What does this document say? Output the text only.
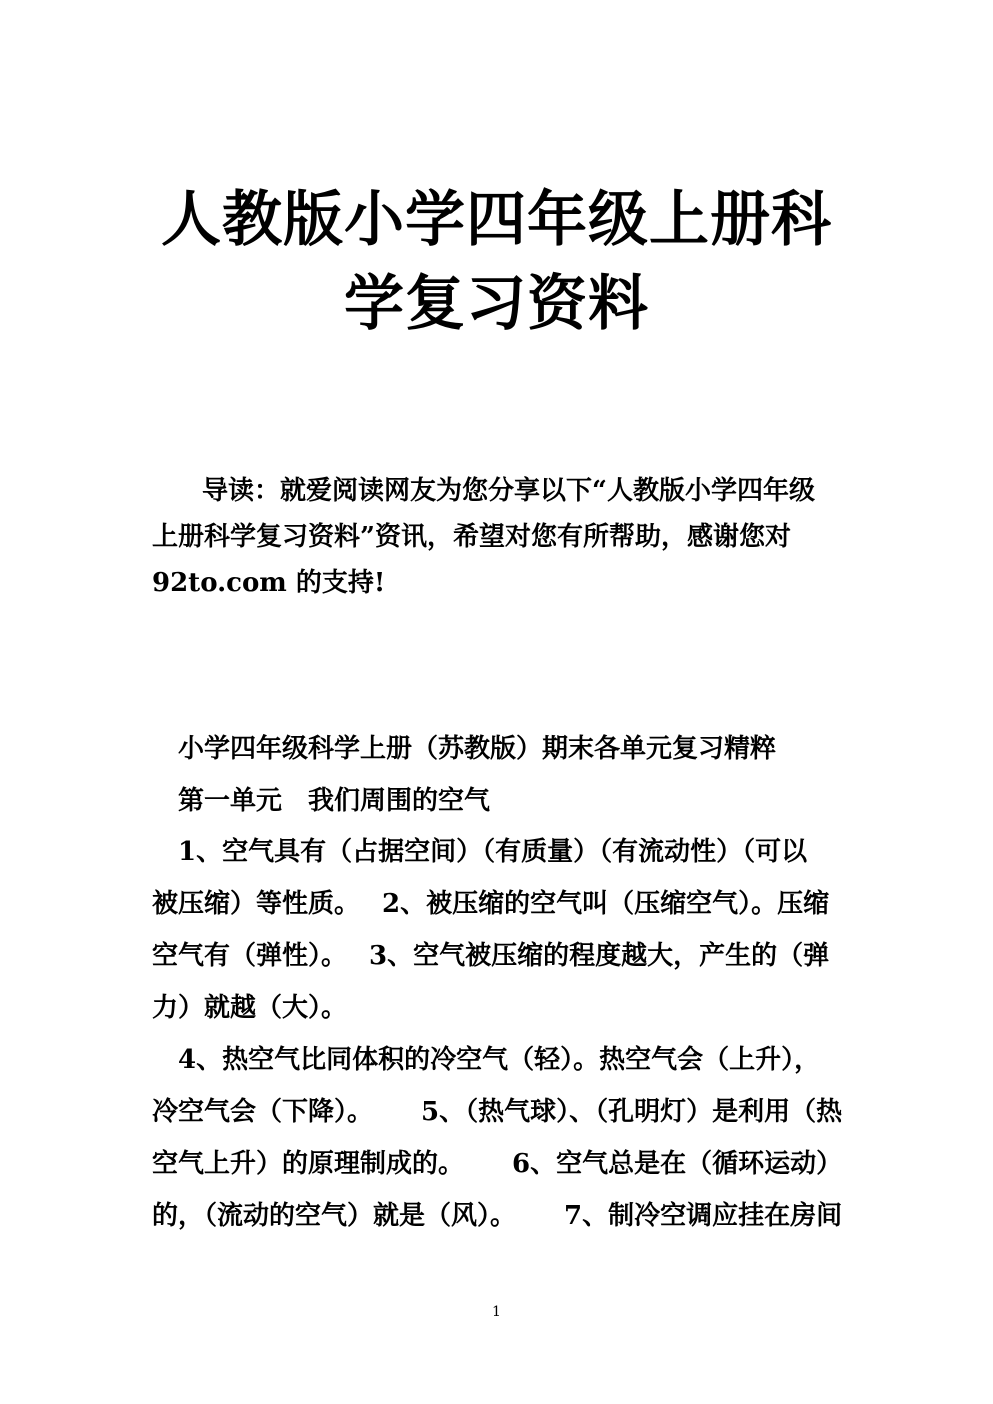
人教版小学四年级上册科
学复习资料
导读：就爱阅读网友为您分享以下“人教版小学四年级
上册科学复习资料”资讯，希望对您有所帮助，感谢您对
92to.com 的支持!
小学四年级科学上册（苏教版）期末各单元复习精粹
第一单元　我们周围的空气
1、空气具有（占据空间）（有质量）（有流动性）（可以
被压缩）等性质。　 2、被压缩的空气叫（压缩空气）。压缩
空气有（弹性）。　 3、空气被压缩的程度越大，产生的（弹
力）就越（大）。
4、热空气比同体积的冷空气（轻）。热空气会（上升），
冷空气会（下降）。　　 5、（热气球）、（孔明灯）是利用（热
空气上升）的原理制成的。　　 6、空气总是在（循环运动）
的，（流动的空气）就是（风）。　　 7、制冷空调应挂在房间
1
